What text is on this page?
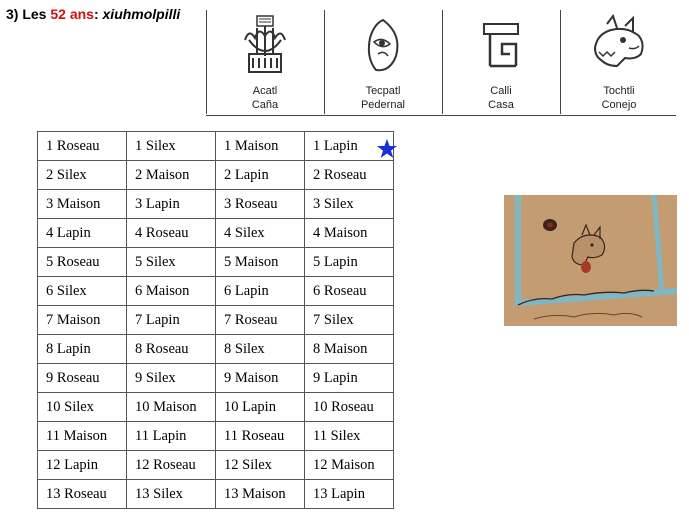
3) Les 52 ans: xiuhmolpilli
Acatl
Caña
Tecpatl
Pedernal
Calli
Casa
Tochtli
Conejo
1 Roseau	1 Silex	1 Maison	1 Lapin
2 Silex	2 Maison	2 Lapin	2 Roseau
3 Maison	3 Lapin	3 Roseau	3 Silex
4 Lapin	4 Roseau	4 Silex	4 Maison
5 Roseau	5 Silex	5 Maison	5 Lapin
6 Silex	6 Maison	6 Lapin	6 Roseau
7 Maison	7 Lapin	7 Roseau	7 Silex
8 Lapin	8 Roseau	8 Silex	8 Maison
9 Roseau	9 Silex	9 Maison	9 Lapin
10 Silex	10 Maison	10 Lapin	10 Roseau
11 Maison	11 Lapin	11 Roseau	11 Silex
12 Lapin	12 Roseau	12 Silex	12 Maison
13 Roseau	13 Silex	13 Maison	13 Lapin
